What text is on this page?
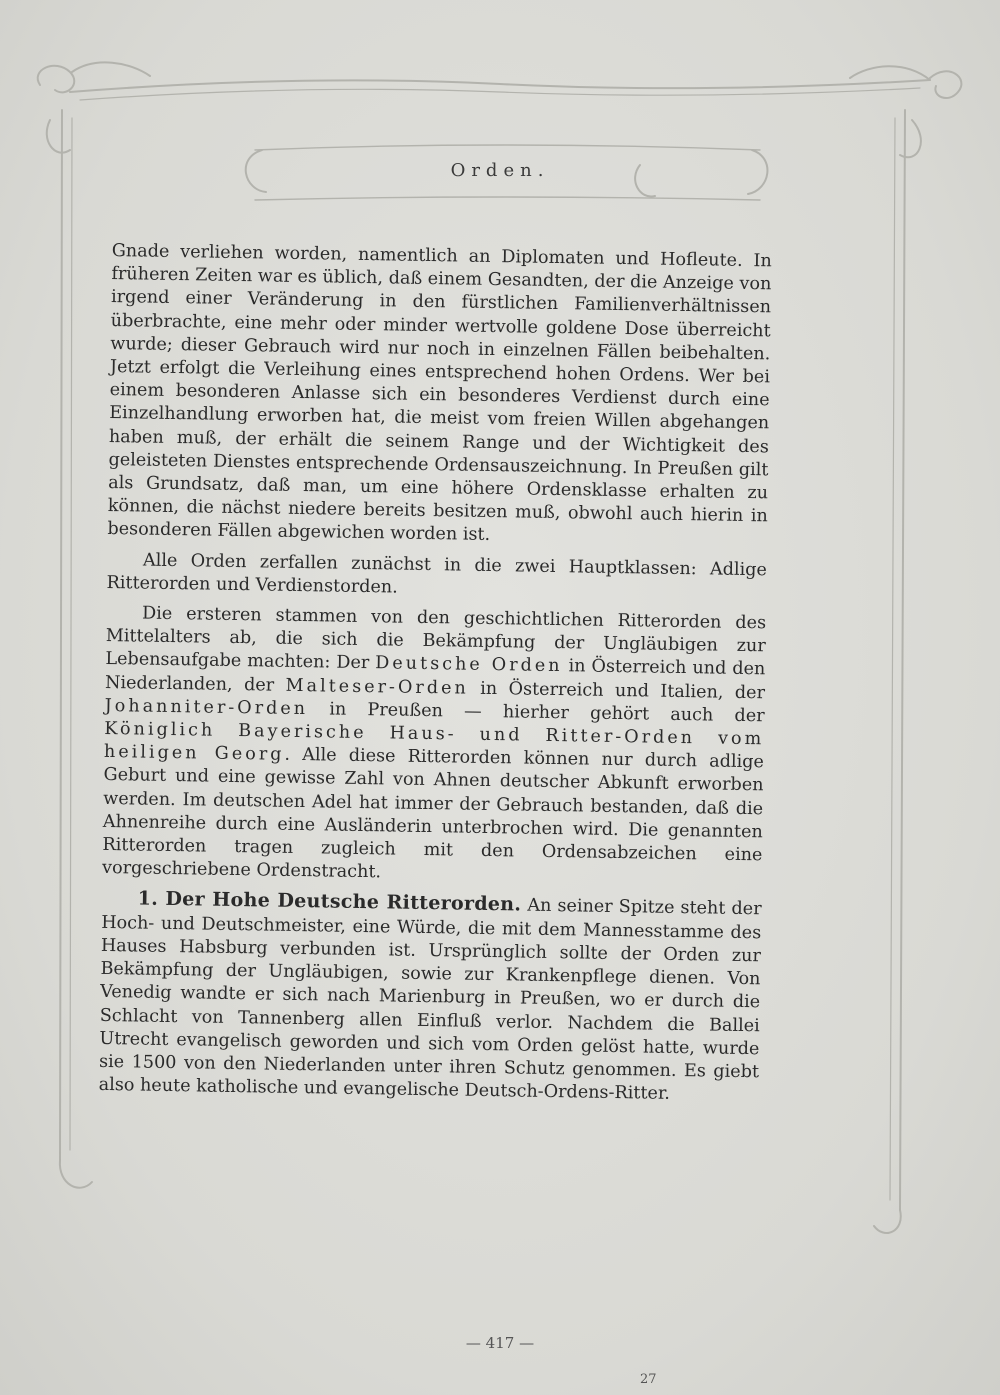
Orden.

Gnade verliehen worden, namentlich an Diplomaten und Hofleute. In früheren Zeiten war es üblich, daß einem Gesandten, der die Anzeige von irgend einer Veränderung in den fürstlichen Familienverhältnissen überbrachte, eine mehr oder minder wertvolle goldene Dose überreicht wurde; dieser Gebrauch wird nur noch in einzelnen Fällen beibehalten. Jetzt erfolgt die Verleihung eines entsprechend hohen Ordens. Wer bei einem besonderen Anlasse sich ein besonderes Verdienst durch eine Einzelhandlung erworben hat, die meist vom freien Willen abgehangen haben muß, der erhält die seinem Range und der Wichtigkeit des geleisteten Dienstes entsprechende Ordensauszeichnung. In Preußen gilt als Grundsatz, daß man, um eine höhere Ordensklasse erhalten zu können, die nächst niedere bereits besitzen muß, obwohl auch hierin in besonderen Fällen abgewichen worden ist.

Alle Orden zerfallen zunächst in die zwei Hauptklassen: Adlige Ritterorden und Verdienstorden.

Die ersteren stammen von den geschichtlichen Ritterorden des Mittelalters ab, die sich die Bekämpfung der Ungläubigen zur Lebensaufgabe machten: Der Deutsche Orden in Österreich und den Niederlanden, der Malteser-Orden in Österreich und Italien, der Johanniter-Orden in Preußen — hierher gehört auch der Königlich Bayerische Haus- und Ritter-Orden vom heiligen Georg. Alle diese Ritterorden können nur durch adlige Geburt und eine gewisse Zahl von Ahnen deutscher Abkunft erworben werden. Im deutschen Adel hat immer der Gebrauch bestanden, daß die Ahnenreihe durch eine Ausländerin unterbrochen wird. Die genannten Ritterorden tragen zugleich mit den Ordensabzeichen eine vorgeschriebene Ordenstracht.

1. Der Hohe Deutsche Ritterorden. An seiner Spitze steht der Hoch- und Deutschmeister, eine Würde, die mit dem Mannesstamme des Hauses Habsburg verbunden ist. Ursprünglich sollte der Orden zur Bekämpfung der Ungläubigen, sowie zur Krankenpflege dienen. Von Venedig wandte er sich nach Marienburg in Preußen, wo er durch die Schlacht von Tannenberg allen Einfluß verlor. Nachdem die Ballei Utrecht evangelisch geworden und sich vom Orden gelöst hatte, wurde sie 1500 von den Niederlanden unter ihren Schutz genommen. Es giebt also heute katholische und evangelische Deutsch-Ordens-Ritter.

— 417 —
27
